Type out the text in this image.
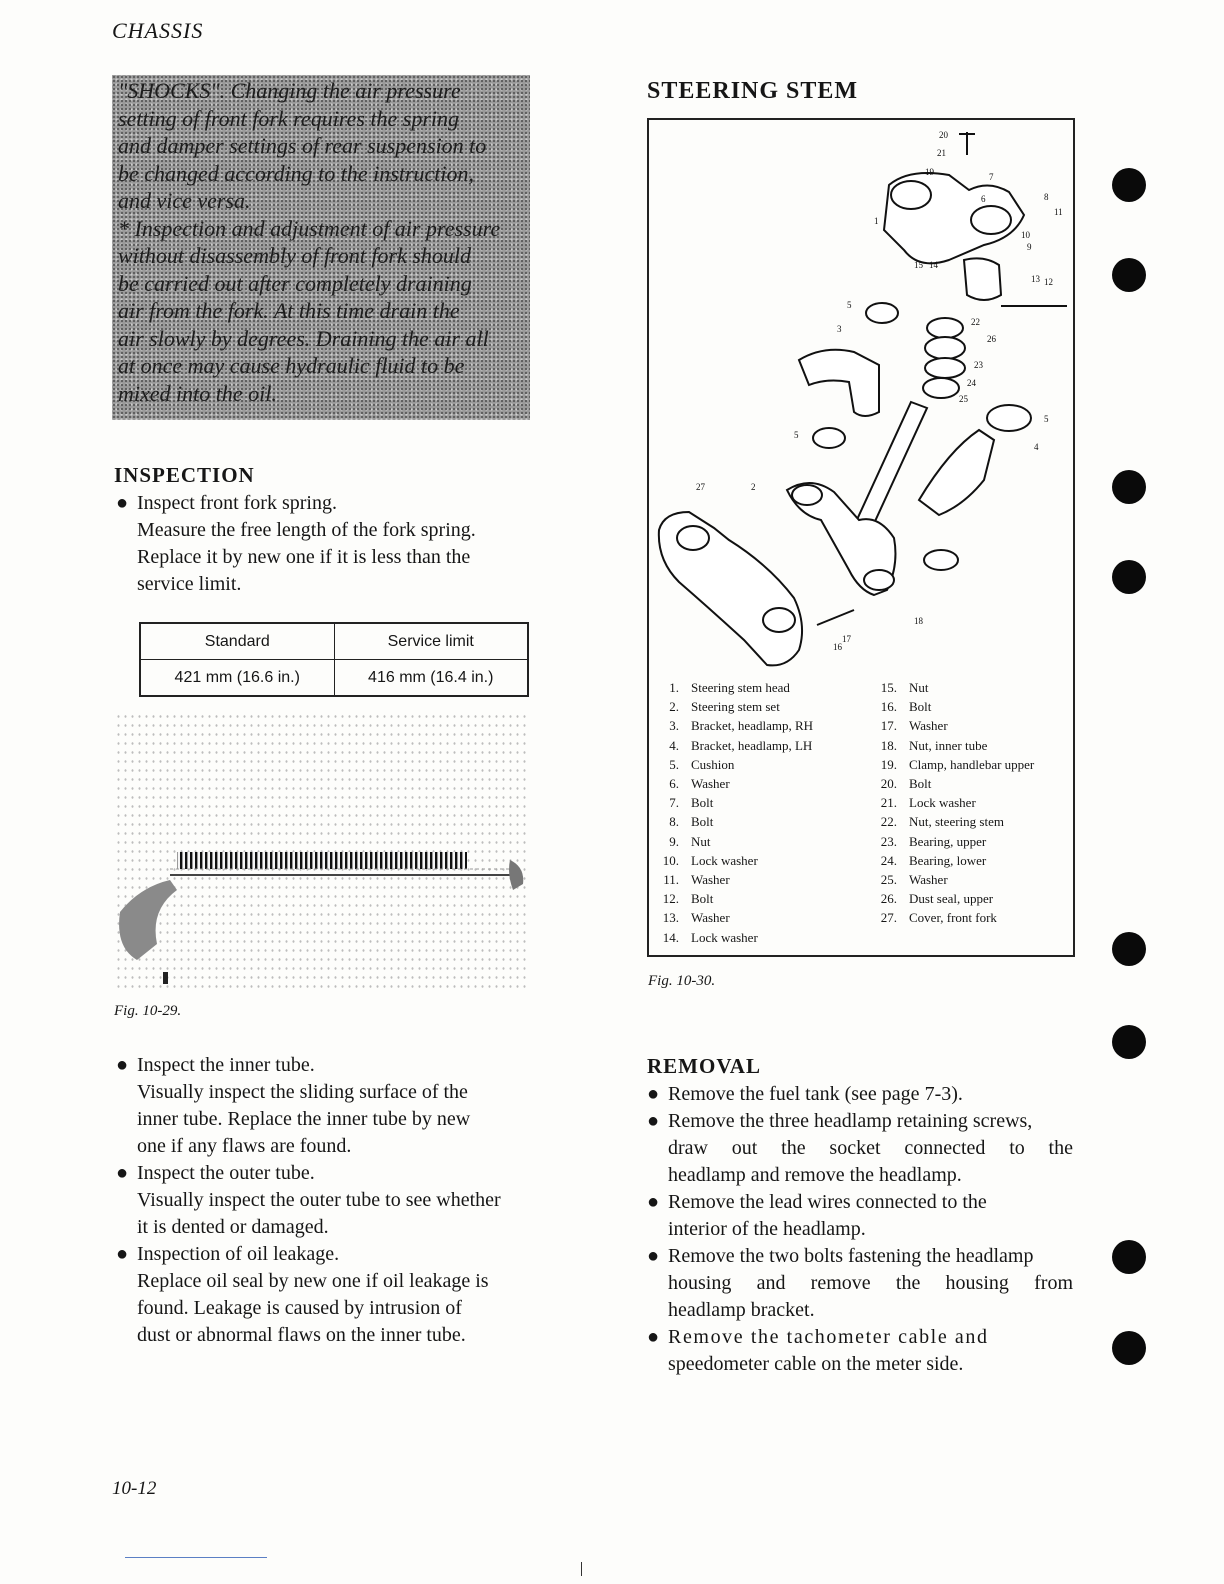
CHASSIS
10-12

"SHOCKS". Changing the air pressure

setting of front fork requires the spring

and damper settings of rear suspension to

be changed according to the instruction,

and vice versa.

* Inspection and adjustment of air pressure

without disassembly of front fork should

be carried out after completely draining

air from the fork. At this time drain the

air slowly by degrees. Draining the air all

at once may cause hydraulic fluid to be

mixed into the oil.

INSPECTION

● Inspect front fork spring.

Measure the free length of the fork spring.

Replace it by new one if it is less than the

service limit.

Standard	Service limit
421 mm (16.6 in.)	416 mm (16.4 in.)
Fig. 10-29.

● Inspect the inner tube.

Visually inspect the sliding surface of the

inner tube. Replace the inner tube by new

one if any flaws are found.

● Inspect the outer tube.

Visually inspect the outer tube to see whether

it is dented or damaged.

● Inspection of oil leakage.

Replace oil seal by new one if oil leakage is

found. Leakage is caused by intrusion of

dust or abnormal flaws on the inner tube.

STEERING STEM
20
21
19	7
6	8
11
1
10
9
15 14
13 12
5
22
3
26
23
24
25
5
4
27	2
5
18
16
17
1. Steering stem head
2. Steering stem set
3. Bracket, headlamp, RH
4. Bracket, headlamp, LH
5. Cushion
6. Washer
7. Bolt
8. Bolt
9. Nut
10. Lock washer
11. Washer
12. Bolt
13. Washer
14. Lock washer
15. Nut
16. Bolt
17. Washer
18. Nut, inner tube
19. Clamp, handlebar upper
20. Bolt
21. Lock washer
22. Nut, steering stem
23. Bearing, upper
24. Bearing, lower
25. Washer
26. Dust seal, upper
27. Cover, front fork
Fig. 10-30.
REMOVAL

● Remove the fuel tank (see page 7-3).

● Remove the three headlamp retaining screws,

draw out the socket connected to the

headlamp and remove the headlamp.

● Remove the lead wires connected to the

interior of the headlamp.

● Remove the two bolts fastening the headlamp

housing and remove the housing from

headlamp bracket.

● Remove the tachometer cable and

speedometer cable on the meter side.
